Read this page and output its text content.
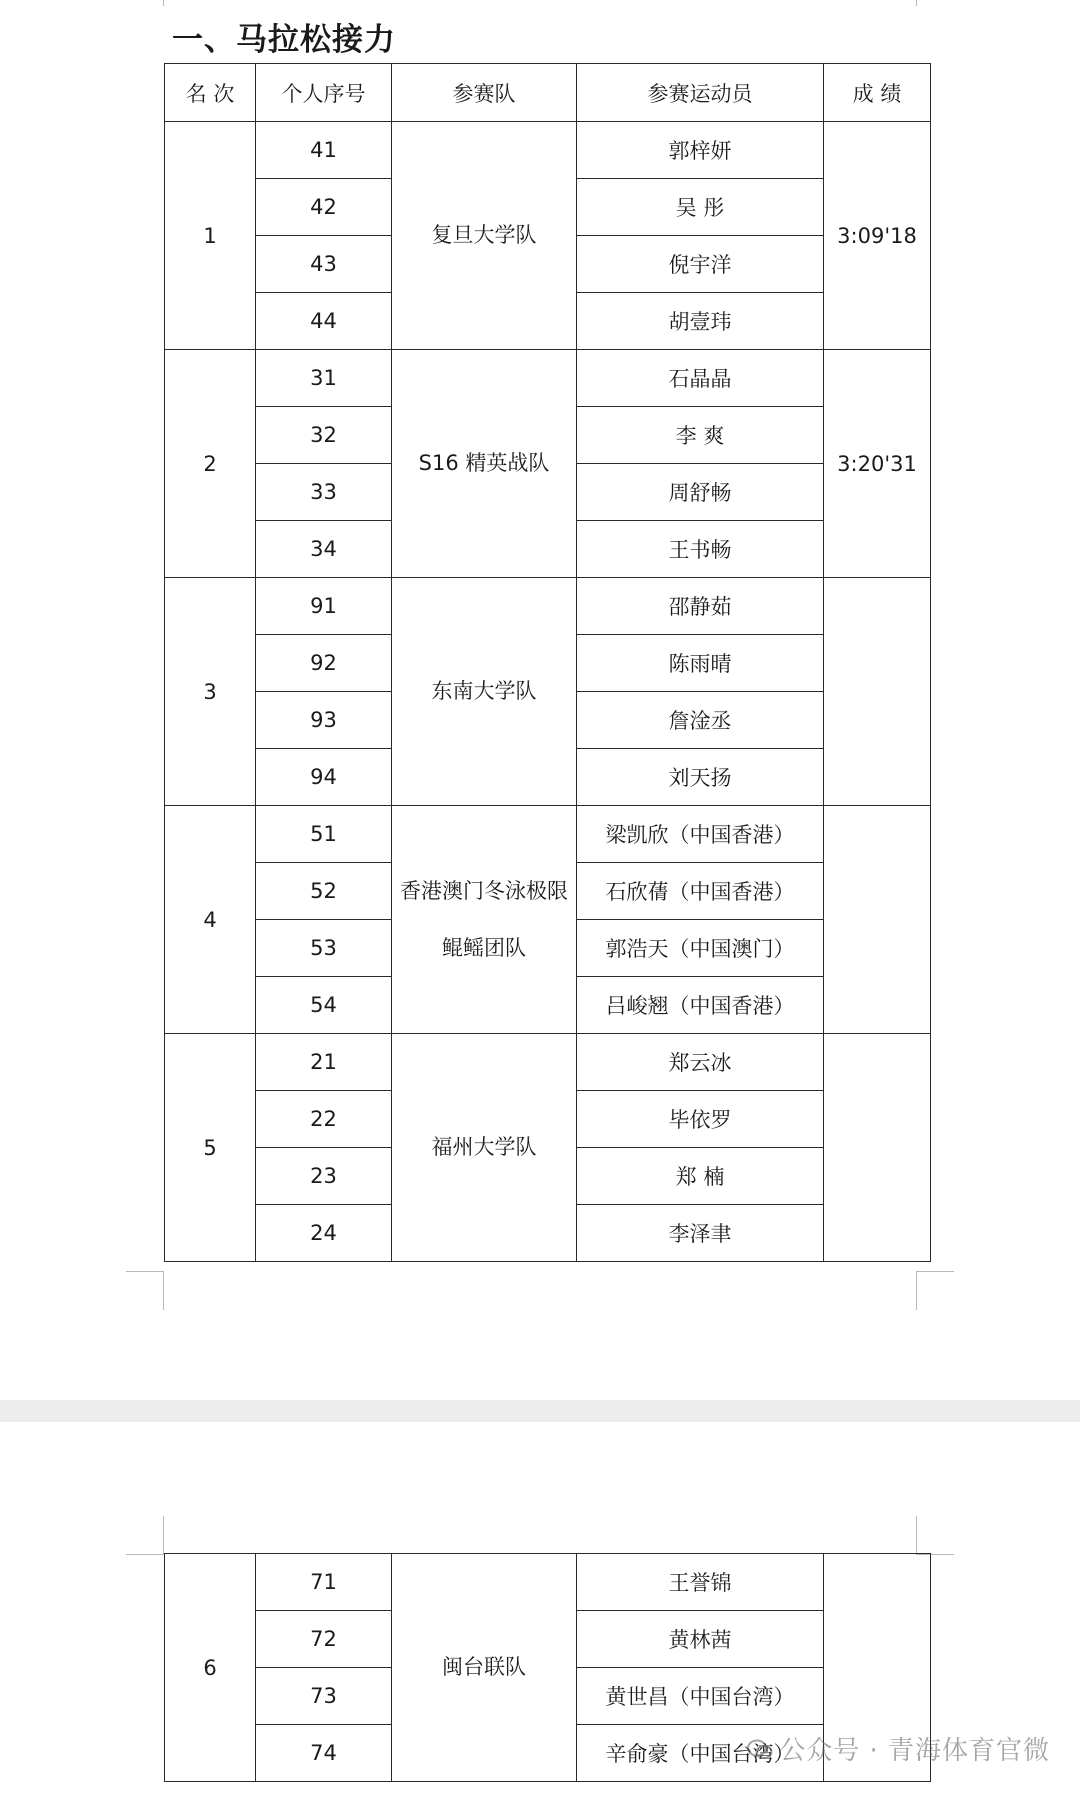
一、马拉松接力
名 次	个人序号	参赛队	参赛运动员	成 绩
1	41	复旦大学队	郭梓妍	3:09'18
	42		吴 彤	
	43		倪宇洋	
	44		胡壹玮	
2	31	S16 精英战队	石晶晶	3:20'31
	32		李 爽	
	33		周舒畅	
	34		王书畅	
3	91	东南大学队	邵静茹	
	92		陈雨晴	
	93		詹淦丞	
	94		刘天扬	
4	51	香港澳门冬泳极限鲲鳐团队	梁凯欣（中国香港）	
	52		石欣蒨（中国香港）	
	53		郭浩天（中国澳门）	
	54		吕峻翘（中国香港）	
5	21	福州大学队	郑云冰	
	22		毕依罗	
	23		郑 楠	
	24		李泽聿	
6	71	闽台联队	王誉锦	
	72		黄林茜	
	73		黄世昌（中国台湾）	
	74		辛俞豪（中国台湾）	
公众号 · 青海体育官微
